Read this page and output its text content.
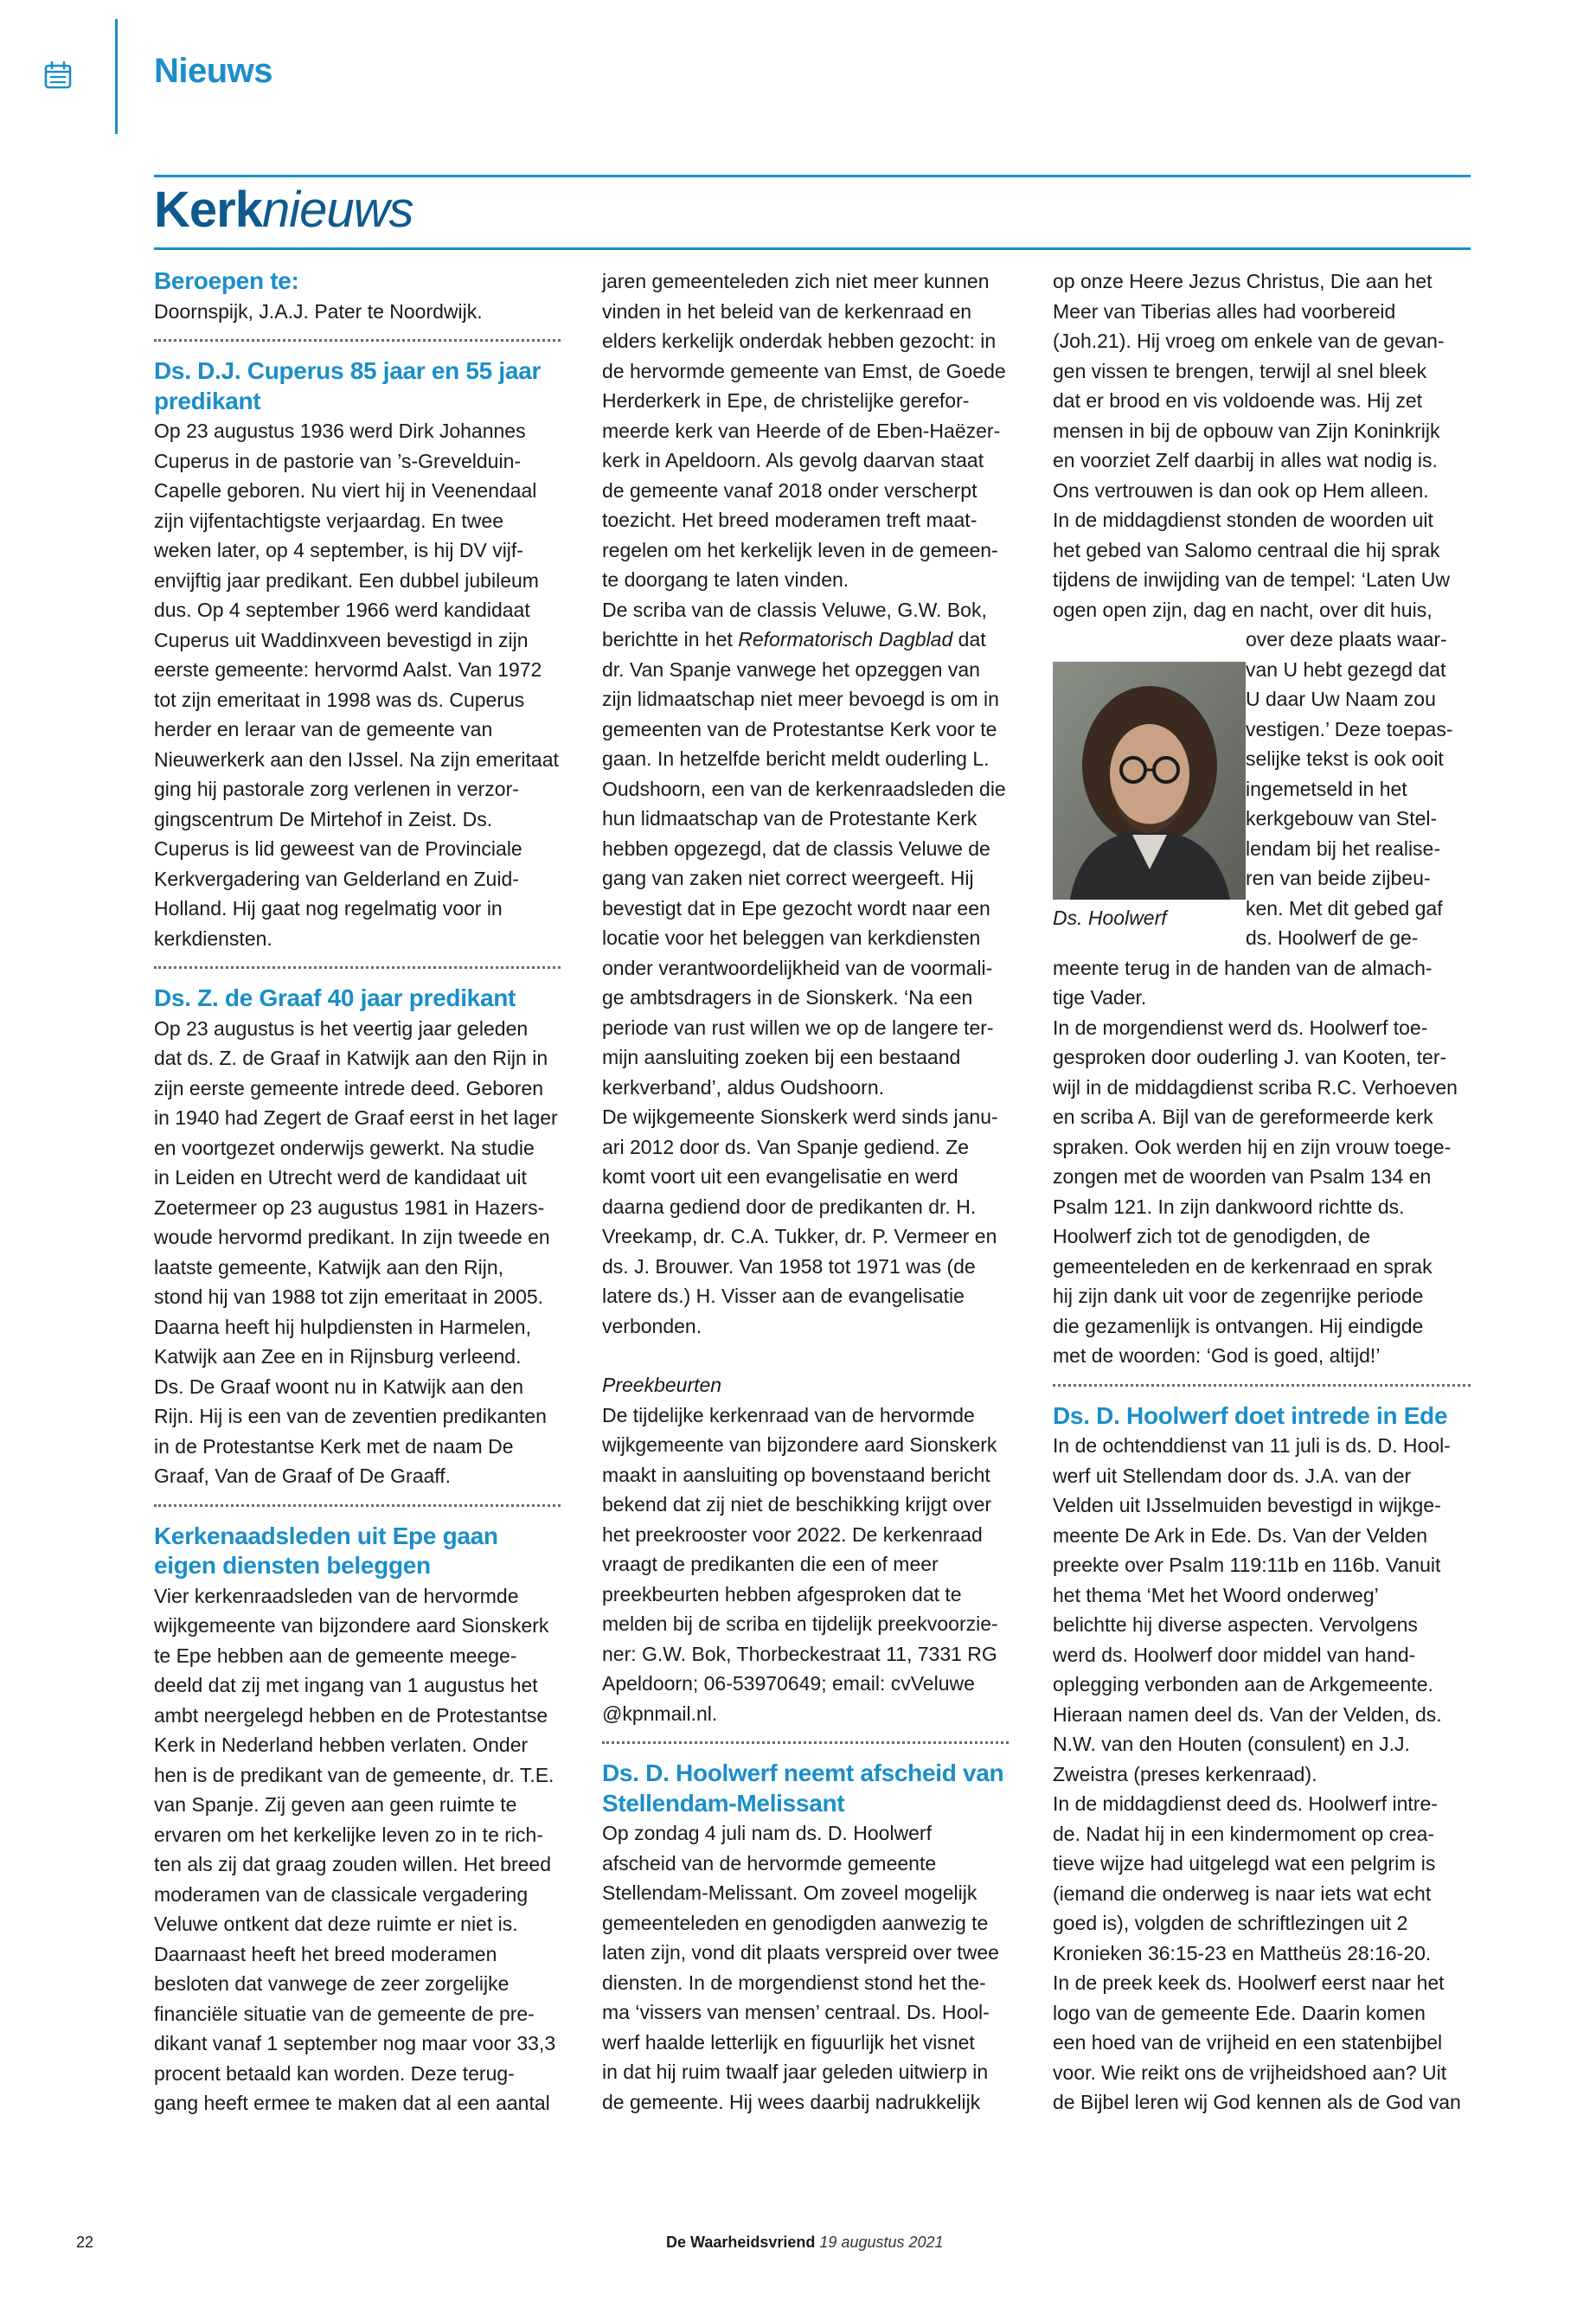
Nieuws
Kerknieuws
Beroepen te:

Doornspijk, J.A.J. Pater te Noordwijk.

Ds. D.J. Cuperus 85 jaar en 55 jaar predikant

Op 23 augustus 1936 werd Dirk Johannes

Cuperus in de pastorie van ’s-Grevelduin-

Capelle geboren. Nu viert hij in Veenendaal

zijn vijfentachtigste verjaardag. En twee

weken later, op 4 september, is hij DV vijf-

envijftig jaar predikant. Een dubbel jubileum

dus. Op 4 september 1966 werd kandidaat

Cuperus uit Waddinxveen bevestigd in zijn

eerste gemeente: hervormd Aalst. Van 1972

tot zijn emeritaat in 1998 was ds. Cuperus

herder en leraar van de gemeente van

Nieuwerkerk aan den IJssel. Na zijn emeritaat

ging hij pastorale zorg verlenen in verzor-

gingscentrum De Mirtehof in Zeist. Ds.

Cuperus is lid geweest van de Provinciale

Kerkvergadering van Gelderland en Zuid-

Holland. Hij gaat nog regelmatig voor in

kerkdiensten.

Ds. Z. de Graaf 40 jaar predikant

Op 23 augustus is het veertig jaar geleden

dat ds. Z. de Graaf in Katwijk aan den Rijn in

zijn eerste gemeente intrede deed. Geboren

in 1940 had Zegert de Graaf eerst in het lager

en voortgezet onderwijs gewerkt. Na studie

in Leiden en Utrecht werd de kandidaat uit

Zoetermeer op 23 augustus 1981 in Hazers-

woude hervormd predikant. In zijn tweede en

laatste gemeente, Katwijk aan den Rijn,

stond hij van 1988 tot zijn emeritaat in 2005.

Daarna heeft hij hulpdiensten in Harmelen,

Katwijk aan Zee en in Rijnsburg verleend.

Ds. De Graaf woont nu in Katwijk aan den

Rijn. Hij is een van de zeventien predikanten

in de Protestantse Kerk met de naam De

Graaf, Van de Graaf of De Graaff.

Kerkenaadsleden uit Epe gaan eigen diensten beleggen

Vier kerkenraadsleden van de hervormde

wijkgemeente van bijzondere aard Sionskerk

te Epe hebben aan de gemeente meege-

deeld dat zij met ingang van 1 augustus het

ambt neergelegd hebben en de Protestantse

Kerk in Nederland hebben verlaten. Onder

hen is de predikant van de gemeente, dr. T.E.

van Spanje. Zij geven aan geen ruimte te

ervaren om het kerkelijke leven zo in te rich-

ten als zij dat graag zouden willen. Het breed

moderamen van de classicale vergadering

Veluwe ontkent dat deze ruimte er niet is.

Daarnaast heeft het breed moderamen

besloten dat vanwege de zeer zorgelijke

financiële situatie van de gemeente de pre-

dikant vanaf 1 september nog maar voor 33,3

procent betaald kan worden. Deze terug-

gang heeft ermee te maken dat al een aantal

jaren gemeenteleden zich niet meer kunnen

vinden in het beleid van de kerkenraad en

elders kerkelijk onderdak hebben gezocht: in

de hervormde gemeente van Emst, de Goede

Herderkerk in Epe, de christelijke gerefor-

meerde kerk van Heerde of de Eben-Haëzer-

kerk in Apeldoorn. Als gevolg daarvan staat

de gemeente vanaf 2018 onder verscherpt

toezicht. Het breed moderamen treft maat-

regelen om het kerkelijk leven in de gemeen-

te doorgang te laten vinden.

De scriba van de classis Veluwe, G.W. Bok,

berichtte in het Reformatorisch Dagblad dat

dr. Van Spanje vanwege het opzeggen van

zijn lidmaatschap niet meer bevoegd is om in

gemeenten van de Protestantse Kerk voor te

gaan. In hetzelfde bericht meldt ouderling L.

Oudshoorn, een van de kerkenraadsleden die

hun lidmaatschap van de Protestante Kerk

hebben opgezegd, dat de classis Veluwe de

gang van zaken niet correct weergeeft. Hij

bevestigt dat in Epe gezocht wordt naar een

locatie voor het beleggen van kerkdiensten

onder verantwoordelijkheid van de voormali-

ge ambtsdragers in de Sionskerk. ‘Na een

periode van rust willen we op de langere ter-

mijn aansluiting zoeken bij een bestaand

kerkverband’, aldus Oudshoorn.

De wijkgemeente Sionskerk werd sinds janu-

ari 2012 door ds. Van Spanje gediend. Ze

komt voort uit een evangelisatie en werd

daarna gediend door de predikanten dr. H.

Vreekamp, dr. C.A. Tukker, dr. P. Vermeer en

ds. J. Brouwer. Van 1958 tot 1971 was (de

latere ds.) H. Visser aan de evangelisatie

verbonden.

Preekbeurten

De tijdelijke kerkenraad van de hervormde

wijkgemeente van bijzondere aard Sionskerk

maakt in aansluiting op bovenstaand bericht

bekend dat zij niet de beschikking krijgt over

het preekrooster voor 2022. De kerkenraad

vraagt de predikanten die een of meer

preekbeurten hebben afgesproken dat te

melden bij de scriba en tijdelijk preekvoorzie-

ner: G.W. Bok, Thorbeckestraat 11, 7331 RG

Apeldoorn; 06-53970649; email: cvVeluwe

@kpnmail.nl.

Ds. D. Hoolwerf neemt afscheid van Stellendam-Melissant

Op zondag 4 juli nam ds. D. Hoolwerf

afscheid van de hervormde gemeente

Stellendam-Melissant. Om zoveel mogelijk

gemeenteleden en genodigden aanwezig te

laten zijn, vond dit plaats verspreid over twee

diensten. In de morgendienst stond het the-

ma ‘vissers van mensen’ centraal. Ds. Hool-

werf haalde letterlijk en figuurlijk het visnet

in dat hij ruim twaalf jaar geleden uitwierp in

de gemeente. Hij wees daarbij nadrukkelijk

op onze Heere Jezus Christus, Die aan het

Meer van Tiberias alles had voorbereid

(Joh.21). Hij vroeg om enkele van de gevan-

gen vissen te brengen, terwijl al snel bleek

dat er brood en vis voldoende was. Hij zet

mensen in bij de opbouw van Zijn Koninkrijk

en voorziet Zelf daarbij in alles wat nodig is.

Ons vertrouwen is dan ook op Hem alleen.

In de middagdienst stonden de woorden uit

het gebed van Salomo centraal die hij sprak

tijdens de inwijding van de tempel: ‘Laten Uw

ogen open zijn, dag en nacht, over dit huis,

over deze plaats waar-

van U hebt gezegd dat

U daar Uw Naam zou

vestigen.’ Deze toepas-

selijke tekst is ook ooit

ingemetseld in het

kerkgebouw van Stel-

lendam bij het realise-

ren van beide zijbeu-

ken. Met dit gebed gaf

ds. Hoolwerf de ge-

meente terug in de handen van de almach-

tige Vader.

In de morgendienst werd ds. Hoolwerf toe-

gesproken door ouderling J. van Kooten, ter-

wijl in de middagdienst scriba R.C. Verhoeven

en scriba A. Bijl van de gereformeerde kerk

spraken. Ook werden hij en zijn vrouw toege-

zongen met de woorden van Psalm 134 en

Psalm 121. In zijn dankwoord richtte ds.

Hoolwerf zich tot de genodigden, de

gemeenteleden en de kerkenraad en sprak

hij zijn dank uit voor de zegenrijke periode

die gezamenlijk is ontvangen. Hij eindigde

met de woorden: ‘God is goed, altijd!’

Ds. D. Hoolwerf doet intrede in Ede

In de ochtenddienst van 11 juli is ds. D. Hool-

werf uit Stellendam door ds. J.A. van der

Velden uit IJsselmuiden bevestigd in wijkge-

meente De Ark in Ede. Ds. Van der Velden

preekte over Psalm 119:11b en 116b. Vanuit

het thema ‘Met het Woord onderweg’

belichtte hij diverse aspecten. Vervolgens

werd ds. Hoolwerf door middel van hand-

oplegging verbonden aan de Arkgemeente.

Hieraan namen deel ds. Van der Velden, ds.

N.W. van den Houten (consulent) en J.J.

Zweistra (preses kerkenraad).

In de middagdienst deed ds. Hoolwerf intre-

de. Nadat hij in een kindermoment op crea-

tieve wijze had uitgelegd wat een pelgrim is

(iemand die onderweg is naar iets wat echt

goed is), volgden de schriftlezingen uit 2

Kronieken 36:15-23 en Mattheüs 28:16-20.

In de preek keek ds. Hoolwerf eerst naar het

logo van de gemeente Ede. Daarin komen

een hoed van de vrijheid en een statenbijbel

voor. Wie reikt ons de vrijheidshoed aan? Uit

de Bijbel leren wij God kennen als de God van

Ds. Hoolwerf
22	De Waarheidsvriend 19 augustus 2021
